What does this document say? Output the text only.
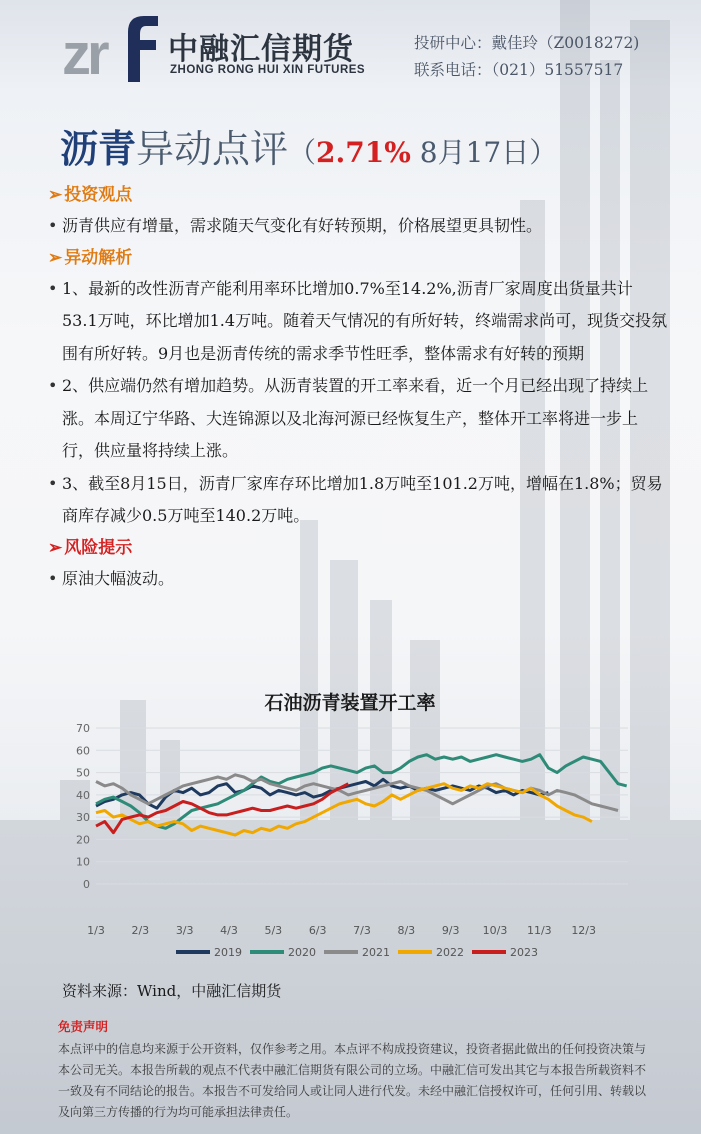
zr 中融汇信期货
ZHONG RONG HUI XIN FUTURES
投研中心：戴佳玲（Z0018272)
联系电话：（021）51557517
沥青异动点评（2.71% 8月17日）
➢ 投资观点
• 沥青供应有增量，需求随天气变化有好转预期，价格展望更具韧性。
➢ 异动解析
• 1、最新的改性沥青产能利用率环比增加0.7%至14.2%,沥青厂家周度出货量共计53.1万吨，环比增加1.4万吨。随着天气情况的有所好转，终端需求尚可，现货交投氛围有所好转。9月也是沥青传统的需求季节性旺季，整体需求有好转的预期
• 2、供应端仍然有增加趋势。从沥青装置的开工率来看，近一个月已经出现了持续上涨。本周辽宁华路、大连锦源以及北海河源已经恢复生产，整体开工率将进一步上行，供应量将持续上涨。
• 3、截至8月15日，沥青厂家库存环比增加1.8万吨至101.2万吨，增幅在1.8%；贸易商库存减少0.5万吨至140.2万吨。
➢ 风险提示
• 原油大幅波动。
石油沥青装置开工率
0
10
20
30
40
50
60
70
1/3 2/3 3/3 4/3 5/3 6/3 7/3 8/3 9/3 10/3 11/3 12/3
2019	2020	2021	2022	2023
资料来源：Wind，中融汇信期货
免责声明
本点评中的信息均来源于公开资料，仅作参考之用。本点评不构成投资建议，投资者据此做出的任何投资决策与本公司无关。本报告所载的观点不代表中融汇信期货有限公司的立场。中融汇信可发出其它与本报告所载资料不一致及有不同结论的报告。本报告不可发给同人或让同人进行代发。未经中融汇信授权许可，任何引用、转载以及向第三方传播的行为均可能承担法律责任。
